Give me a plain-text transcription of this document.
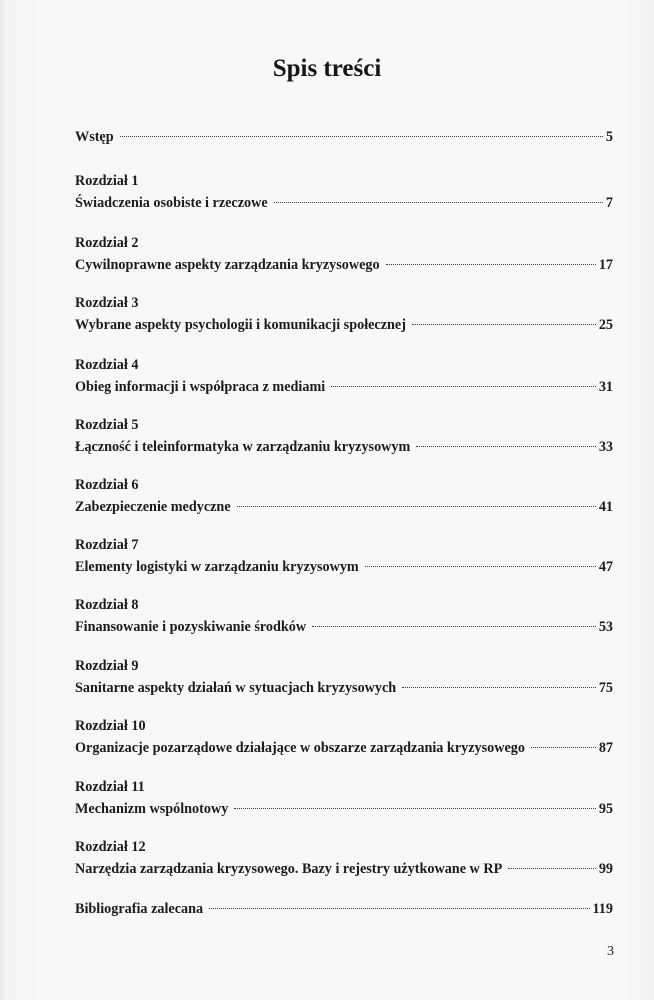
Spis treści
Wstęp	5
Rozdział 1
Świadczenia osobiste i rzeczowe	7
Rozdział 2
Cywilnoprawne aspekty zarządzania kryzysowego	17
Rozdział 3
Wybrane aspekty psychologii i komunikacji społecznej	25
Rozdział 4
Obieg informacji i współpraca z mediami	31
Rozdział 5
Łączność i teleinformatyka w zarządzaniu kryzysowym	33
Rozdział 6
Zabezpieczenie medyczne	41
Rozdział 7
Elementy logistyki w zarządzaniu kryzysowym	47
Rozdział 8
Finansowanie i pozyskiwanie środków	53
Rozdział 9
Sanitarne aspekty działań w sytuacjach kryzysowych	75
Rozdział 10
Organizacje pozarządowe działające w obszarze zarządzania kryzysowego	87
Rozdział 11
Mechanizm wspólnotowy	95
Rozdział 12
Narzędzia zarządzania kryzysowego. Bazy i rejestry użytkowane w RP	99
Bibliografia zalecana	119
3
